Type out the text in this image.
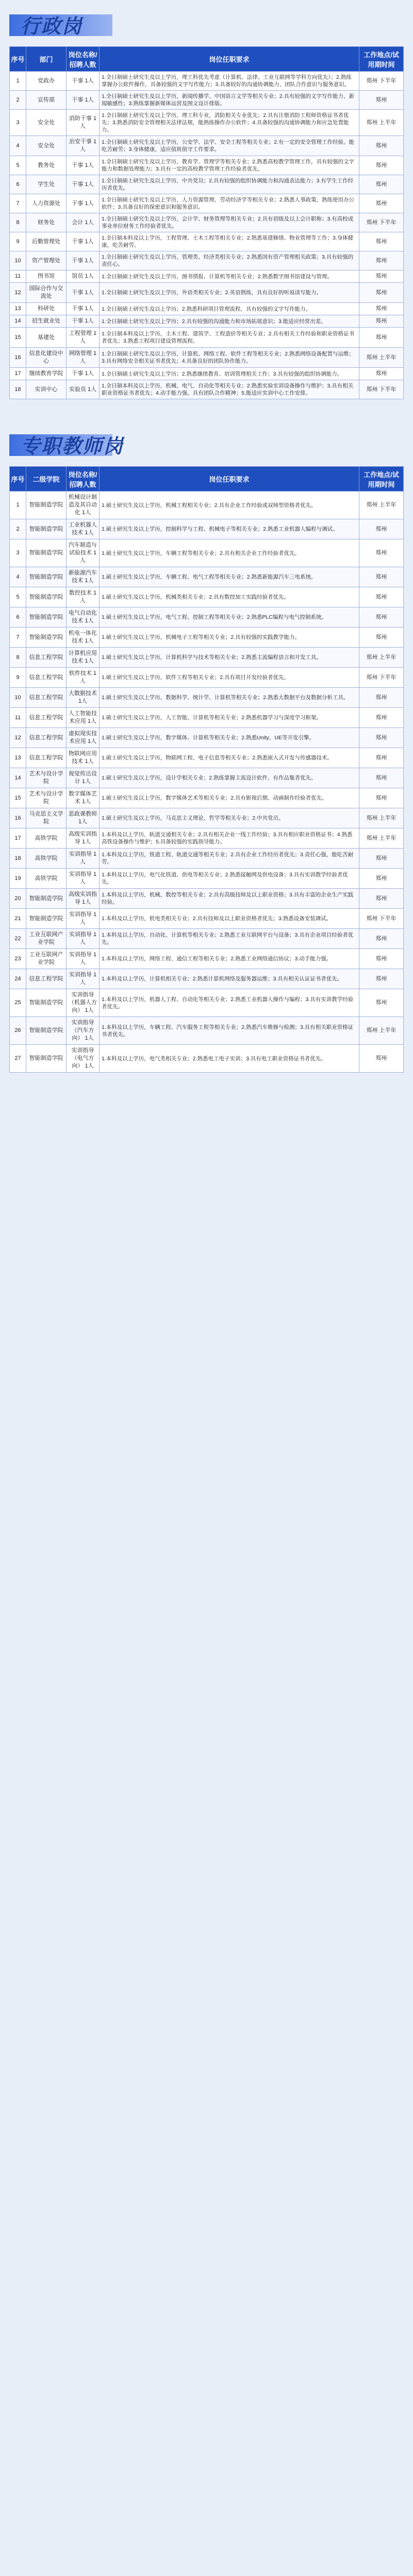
行政岗
序号	部门	岗位名称/招聘人数	岗位任职要求	工作地点/试用期时间
1	党政办	干事 1人	1.全日制硕士研究生及以上学历，理工科优先考虑（计算机、法律、工业互联网等学科方向优先）；2.熟练掌握办公软件操作，具备较强的文字写作能力；3.具备较好的沟通协调能力、团队合作意识与服务意识。	郑州 下半年
2	宣传部	干事 1人	1.全日制硕士研究生及以上学历，新闻传播学、中国语言文学等相关专业；2.具有较强的文字写作能力、新闻敏感性；3.熟练掌握新媒体运营及图文设计排版。	郑州
3	安全处	消防干事 1人	1.全日制硕士研究生及以上学历，理工科专业，消防相关专业优先；2.具有注册消防工程师资格证书者优先；3.熟悉消防安全管理相关法律法规，能熟练操作办公软件；4.具备较强的沟通协调能力和应急处置能力。	郑州 上半年
4	安全处	治安干事 1人	1.全日制硕士研究生及以上学历，公安学、法学、安全工程等相关专业；2.有一定的安全管理工作经验，能吃苦耐劳；3.身体健康，适应值班值守工作要求。	郑州
5	教务处	干事 1人	1.全日制硕士研究生及以上学历，教育学、管理学等相关专业；2.熟悉高校教学管理工作，具有较强的文字能力和数据处理能力；3.具有一定的高校教学管理工作经验者优先。	郑州
6	学生处	干事 1人	1.全日制硕士研究生及以上学历，中共党员；2.具有较强的组织协调能力和沟通表达能力；3.有学生工作经历者优先。	郑州
7	人力资源处	干事 1人	1.全日制硕士研究生及以上学历，人力资源管理、劳动经济学等相关专业；2.熟悉人事政策，熟练使用办公软件；3.具备良好的保密意识和服务意识。	郑州
8	财务处	会计 1人	1.全日制硕士研究生及以上学历，会计学、财务管理等相关专业；2.具有初级及以上会计职称；3.有高校或事业单位财务工作经验者优先。	郑州 下半年
9	后勤管理处	干事 1人	1.全日制本科及以上学历，工程管理、土木工程等相关专业；2.熟悉基建修缮、物业管理等工作；3.身体健康，吃苦耐劳。	郑州
10	资产管理处	干事 1人	1.全日制硕士研究生及以上学历，管理类、经济类相关专业；2.熟悉国有资产管理相关政策；3.具有较强的责任心。	郑州
11	图书馆	馆员 1人	1.全日制硕士研究生及以上学历，图书情报、计算机等相关专业；2.熟悉数字图书馆建设与管理。	郑州
12	国际合作与交流处	干事 1人	1.全日制硕士研究生及以上学历，外语类相关专业；2.英语熟练，具有良好的听说读写能力。	郑州
13	科研处	干事 1人	1.全日制硕士研究生及以上学历；2.熟悉科研项目管理流程，具有较强的文字写作能力。	郑州
14	招生就业处	干事 1人	1.全日制硕士研究生及以上学历；2.具有较强的沟通能力和市场拓展意识；3.能适应经常出差。	郑州
15	基建处	工程管理 1人	1.全日制本科及以上学历，土木工程、建筑学、工程造价等相关专业；2.具有相关工作经验和职业资格证书者优先；3.熟悉工程项目建设管理流程。	郑州
16	信息化建设中心	网络管理 1人	1.全日制硕士研究生及以上学历，计算机、网络工程、软件工程等相关专业；2.熟悉网络设备配置与运维；3.具有网络安全相关证书者优先；4.具备良好的团队协作能力。	郑州 上半年
17	继续教育学院	干事 1人	1.全日制硕士研究生及以上学历；2.熟悉继续教育、培训管理相关工作；3.具有较强的组织协调能力。	郑州
18	实训中心	实验员 1人	1.全日制本科及以上学历，机械、电气、自动化等相关专业；2.熟悉实验实训设备操作与维护；3.具有相关职业资格证书者优先；4.动手能力强，具有团队合作精神；5.能适应实训中心工作安排。	郑州 下半年
专职教师岗
序号	二级学院	岗位名称/招聘人数	岗位任职要求	工作地点/试用期时间
1	智能制造学院	机械设计制造及其自动化 1人	1.硕士研究生及以上学历，机械工程相关专业；2.具有企业工作经验或双师型资格者优先。	郑州 上半年
2	智能制造学院	工业机器人技术 1人	1.硕士研究生及以上学历，控制科学与工程、机械电子等相关专业；2.熟悉工业机器人编程与调试。	郑州
3	智能制造学院	汽车制造与试验技术 1人	1.硕士研究生及以上学历，车辆工程等相关专业；2.具有相关企业工作经验者优先。	郑州
4	智能制造学院	新能源汽车技术 1人	1.硕士研究生及以上学历，车辆工程、电气工程等相关专业；2.熟悉新能源汽车三电系统。	郑州
5	智能制造学院	数控技术 1人	1.硕士研究生及以上学历，机械类相关专业；2.具有数控加工实践经验者优先。	郑州
6	智能制造学院	电气自动化技术 1人	1.硕士研究生及以上学历，电气工程、控制工程等相关专业；2.熟悉PLC编程与电气控制系统。	郑州
7	智能制造学院	机电一体化技术 1人	1.硕士研究生及以上学历，机械电子工程等相关专业；2.具有较强的实践教学能力。	郑州
8	信息工程学院	计算机应用技术 1人	1.硕士研究生及以上学历，计算机科学与技术等相关专业；2.熟悉主流编程语言和开发工具。	郑州 上半年
9	信息工程学院	软件技术 1人	1.硕士研究生及以上学历，软件工程等相关专业；2.具有项目开发经验者优先。	郑州 下半年
10	信息工程学院	大数据技术 1人	1.硕士研究生及以上学历，数据科学、统计学、计算机等相关专业；2.熟悉大数据平台及数据分析工具。	郑州
11	信息工程学院	人工智能技术应用 1人	1.硕士研究生及以上学历，人工智能、计算机等相关专业；2.熟悉机器学习与深度学习框架。	郑州
12	信息工程学院	虚拟现实技术应用 1人	1.硕士研究生及以上学历，数字媒体、计算机等相关专业；2.熟悉Unity、UE等开发引擎。	郑州
13	信息工程学院	物联网应用技术 1人	1.硕士研究生及以上学历，物联网工程、电子信息等相关专业；2.熟悉嵌入式开发与传感器技术。	郑州
14	艺术与设计学院	视觉传达设计 1人	1.硕士研究生及以上学历，设计学相关专业；2.熟练掌握主流设计软件，有作品集者优先。	郑州
15	艺术与设计学院	数字媒体艺术 1人	1.硕士研究生及以上学历，数字媒体艺术等相关专业；2.具有影视后期、动画制作经验者优先。	郑州
16	马克思主义学院	思政课教师 1人	1.硕士研究生及以上学历，马克思主义理论、哲学等相关专业；2.中共党员。	郑州 上半年
17	高铁学院	高级实训指导 1人	1.本科及以上学历，轨道交通相关专业；2.具有相关企业一线工作经验；3.具有相应职业资格证书；4.熟悉高铁设备操作与维护；5.具备较强的实践指导能力。	郑州 上半年
18	高铁学院	实训指导 1人	1.本科及以上学历，铁道工程、轨道交通等相关专业；2.具有企业工作经历者优先；3.责任心强，能吃苦耐劳。	郑州
19	高铁学院	实训指导 1人	1.本科及以上学历，电气化铁道、供电等相关专业；2.熟悉接触网及供电设备；3.具有实训教学经验者优先。	郑州
20	智能制造学院	高级实训指导 1人	1.本科及以上学历，机械、数控等相关专业；2.具有高级技师及以上职业资格；3.具有丰富的企业生产实践经验。	郑州
21	智能制造学院	实训指导 1人	1.本科及以上学历，机电类相关专业；2.具有技师及以上职业资格者优先；3.熟悉设备安装调试。	郑州 下半年
22	工业互联网产业学院	实训指导 1人	1.本科及以上学历，自动化、计算机等相关专业；2.熟悉工业互联网平台与设备；3.具有企业项目经验者优先。	郑州
23	工业互联网产业学院	实训指导 1人	1.本科及以上学历，网络工程、通信工程等相关专业；2.熟悉工业网络通信协议；3.动手能力强。	郑州
24	信息工程学院	实训指导 1人	1.本科及以上学历，计算机相关专业；2.熟悉计算机网络及服务器运维；3.具有相关认证证书者优先。	郑州
25	智能制造学院	实训指导（机器人方向） 1人	1.本科及以上学历，机器人工程、自动化等相关专业；2.熟悉工业机器人操作与编程；3.具有实训教学经验者优先。	郑州
26	智能制造学院	实训指导（汽车方向） 1人	1.本科及以上学历，车辆工程、汽车服务工程等相关专业；2.熟悉汽车维修与检测；3.具有相关职业资格证书者优先。	郑州 上半年
27	智能制造学院	实训指导（电气方向） 1人	1.本科及以上学历，电气类相关专业；2.熟悉电工电子实训；3.具有电工职业资格证书者优先。	郑州
